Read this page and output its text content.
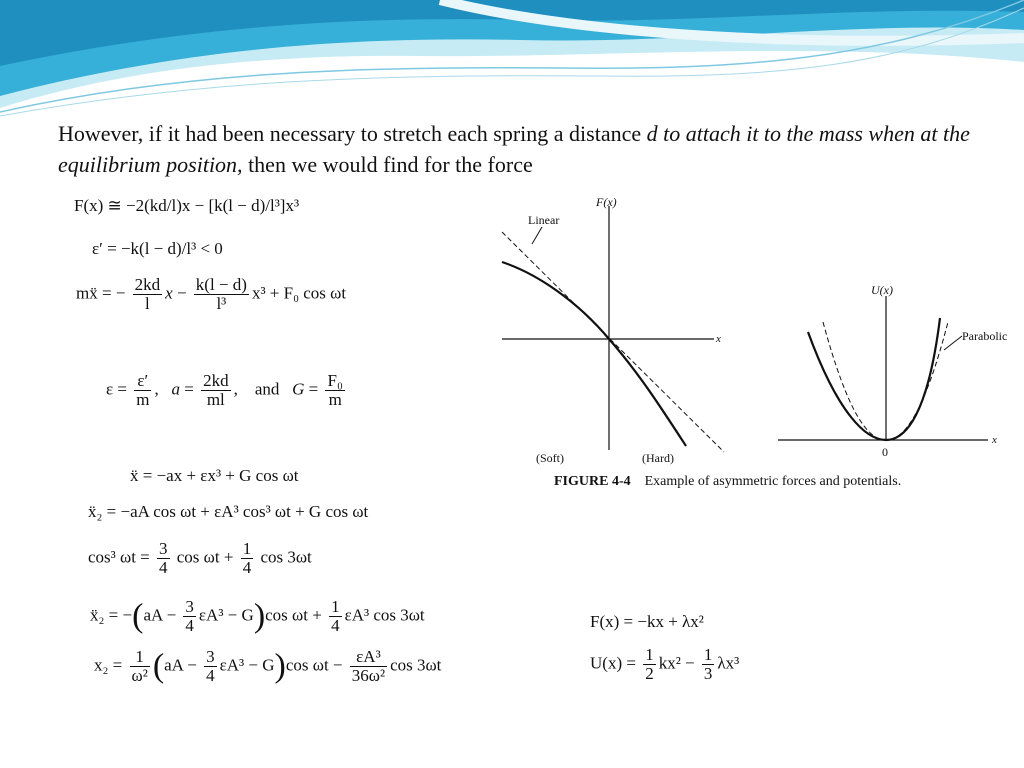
However, if it had been necessary to stretch each spring a distance d to attach it to the mass when at the equilibrium position, then we would find for the force
F(x) ≅ −2(kd/l)x − [k(l − d)/l³]x³
ε′ = −k(l − d)/l³ < 0
mẍ = − $\frac{2kd}{l}$ $x - \frac{k(l - d)}{\text{l³}} x^3 + F_0$ cos ωt
$\varepsilon = \frac{\varepsilon'}{m}$ ,   $a = \frac{2kd}{ml}$ ,    and $G = \frac{\text{F₀}}{m}$
ẍ = −ax + εx³ + G cos ωt
ẍ₂ = −aA cos ωt + εA³ cos³ ωt + G cos ωt
cos³ $\omega t = \frac{3}{4}$ $\cos \omega t + \frac{1}{4}$ cos 3ωt
ẍ₂ = $-(aA - \frac{3}{4} \varepsilon A^3 - G)\cos$ $\omega t + \frac{1}{4} \varepsilon A^3$ cos 3ωt
$x_2 = \frac{1}{\text{ω²}} (aA - \frac{3}{4} \varepsilon A^3 - G)\cos$ $\omega t - \frac{\text{εA³}}{\text{36ω²}}$ cos 3ωt
F(x) = −kx + λx²
$U(x) = \frac{1}{2} kx^2 - \frac{1}{3} \lambda x^3$
F(x)
x
Linear
(Soft)	(Hard)
U(x)
x
0
Parabolic
FIGURE 4-4 Example of asymmetric forces and potentials.
